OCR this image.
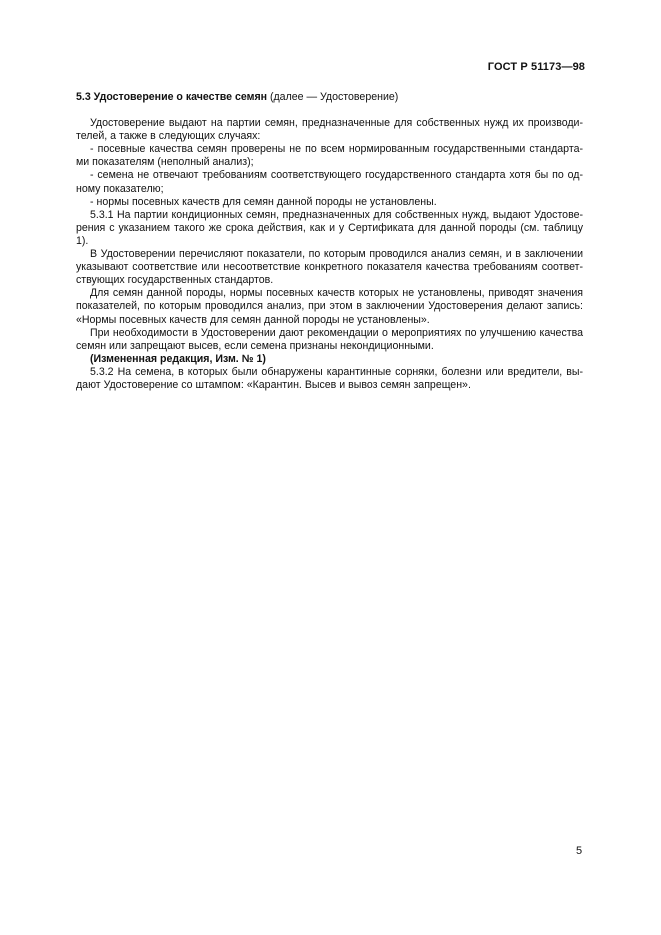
ГОСТ Р 51173—98
5.3 Удостоверение о качестве семян (далее — Удостоверение)
Удостоверение выдают на партии семян, предназначенные для собственных нужд их производи-
телей, а также в следующих случаях:
- посевные качества семян проверены не по всем нормированным государственными стандарта-
ми показателям (неполный анализ);
- семена не отвечают требованиям соответствующего государственного стандарта хотя бы по од-
ному показателю;
- нормы посевных качеств для семян данной породы не установлены.
5.3.1 На партии кондиционных семян, предназначенных для собственных нужд, выдают Удостове-
рения с указанием такого же срока действия, как и у Сертификата для данной породы (см. таблицу 1).
В Удостоверении перечисляют показатели, по которым проводился анализ семян, и в заключении
указывают соответствие или несоответствие конкретного показателя качества требованиям соответ-
ствующих государственных стандартов.
Для семян данной породы, нормы посевных качеств которых не установлены, приводят значения
показателей, по которым проводился анализ, при этом в заключении Удостоверения делают запись:
«Нормы посевных качеств для семян данной породы не установлены».
При необходимости в Удостоверении дают рекомендации о мероприятиях по улучшению качества
семян или запрещают высев, если семена признаны некондиционными.
(Измененная редакция, Изм. № 1)
5.3.2 На семена, в которых были обнаружены карантинные сорняки, болезни или вредители, вы-
дают Удостоверение со штампом: «Карантин. Высев и вывоз семян запрещен».
5
